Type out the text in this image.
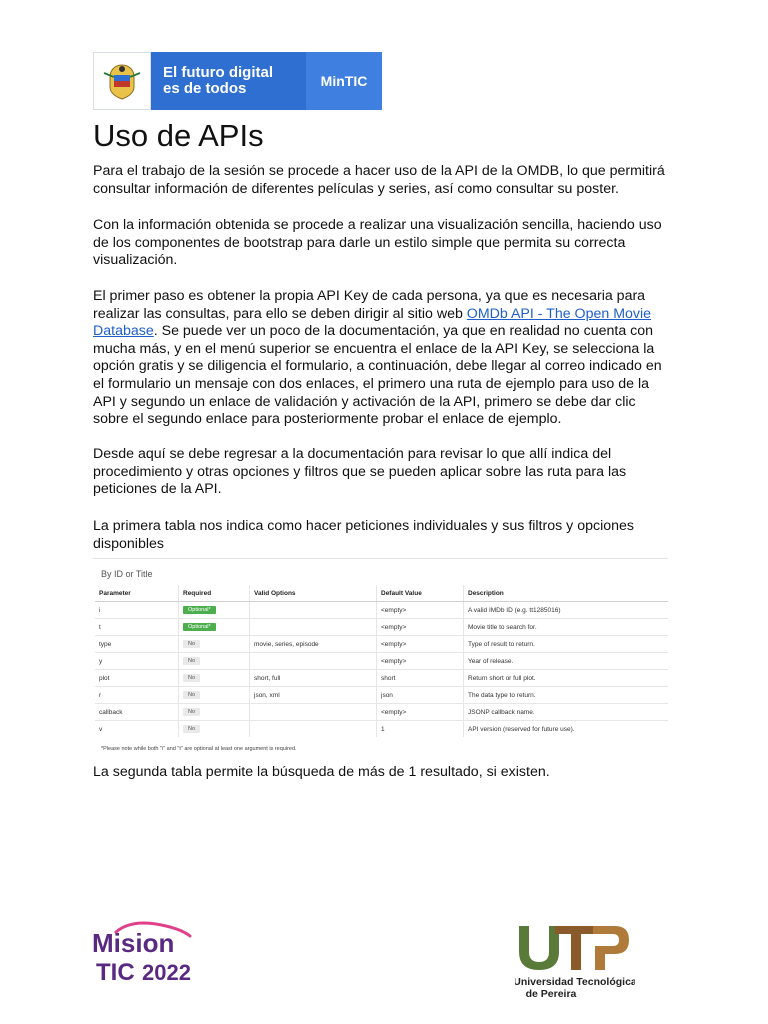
El futuro digital
es de todos	MinTIC
Uso de APIs

Para el trabajo de la sesión se procede a hacer uso de la API de la OMDB, lo que permitirá consultar información de diferentes películas y series, así como consultar su poster.

Con la información obtenida se procede a realizar una visualización sencilla, haciendo uso de los componentes de bootstrap para darle un estilo simple que permita su correcta visualización.

El primer paso es obtener la propia API Key de cada persona, ya que es necesaria para realizar las consultas, para ello se deben dirigir al sitio web OMDb API - The Open Movie Database. Se puede ver un poco de la documentación, ya que en realidad no cuenta con mucha más, y en el menú superior se encuentra el enlace de la API Key, se selecciona la opción gratis y se diligencia el formulario, a continuación, debe llegar al correo indicado en el formulario un mensaje con dos enlaces, el primero una ruta de ejemplo para uso de la API y segundo un enlace de validación y activación de la API, primero se debe dar clic sobre el segundo enlace para posteriormente probar el enlace de ejemplo.

Desde aquí se debe regresar a la documentación para revisar lo que allí indica del procedimiento y otras opciones y filtros que se pueden aplicar sobre las ruta para las peticiones de la API.

La primera tabla nos indica como hacer peticiones individuales y sus filtros y opciones disponibles

By ID or Title
Parameter	Required	Valid Options	Default Value	Description
i	Optional*		<empty>	A valid IMDb ID (e.g. tt1285016)
t	Optional*		<empty>	Movie title to search for.
type	No	movie, series, episode	<empty>	Type of result to return.
y	No		<empty>	Year of release.
plot	No	short, full	short	Return short or full plot.
r	No	json, xml	json	The data type to return.
callback	No		<empty>	JSONP callback name.
v	No		1	API version (reserved for future use).
*Please note while both "i" and "t" are optional at least one argument is required.

La segunda tabla permite la búsqueda de más de 1 resultado, si existen.

Mision
TIC 2022	Universidad Tecnológica
de Pereira
